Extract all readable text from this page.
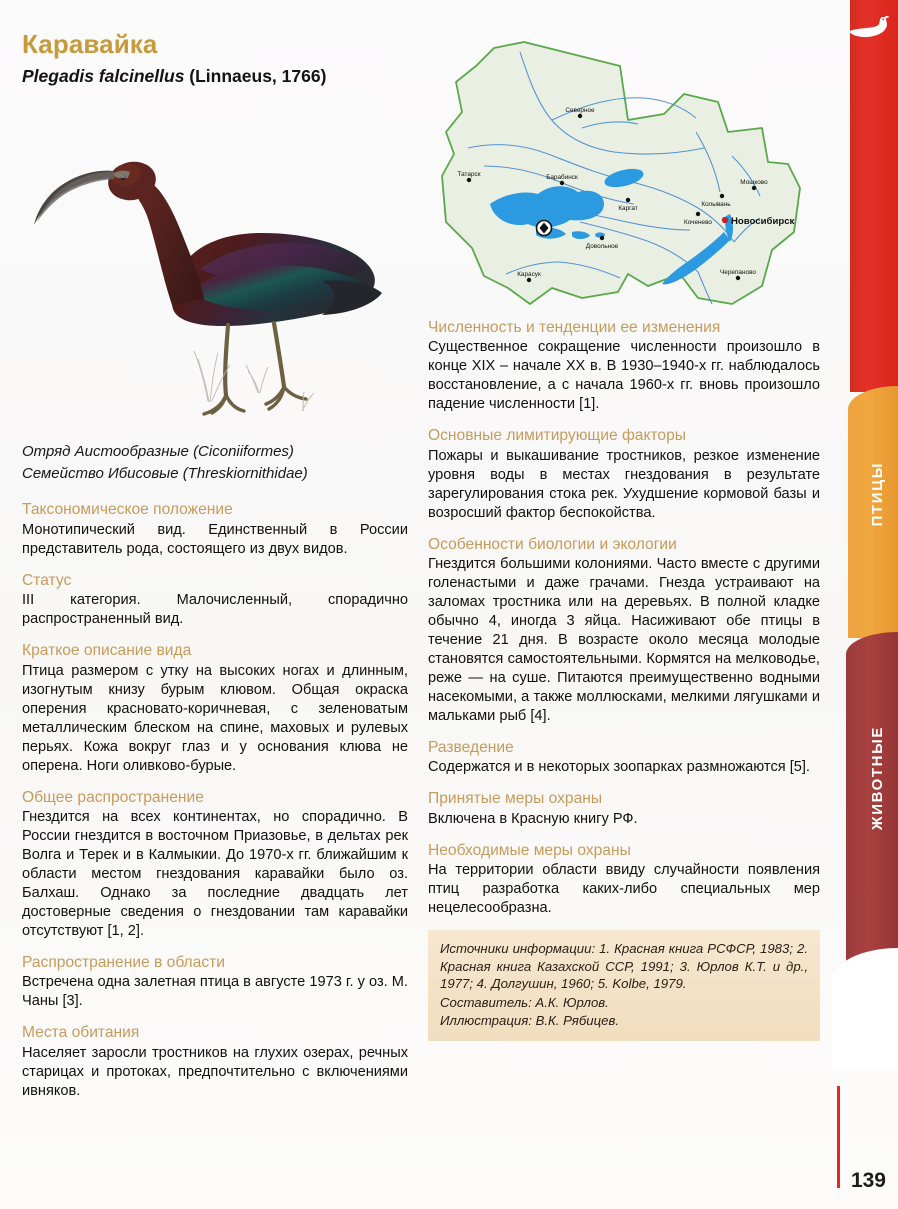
Каравайка
Plegadis falcinellus (Linnaeus, 1766)
Отряд Аистообразные (Ciconiiformes)
Семейство Ибисовые (Threskiornithidae)
Таксономическое положение

Монотипический вид. Единственный в России представитель рода, состоящего из двух видов.

Статус

III категория. Малочисленный, спорадично распространенный вид.

Краткое описание вида

Птица размером с утку на высоких ногах и длинным, изогнутым книзу бурым клювом. Общая окраска оперения красновато-коричневая, с зеленоватым металлическим блеском на спине, маховых и рулевых перьях. Кожа вокруг глаз и у основания клюва не оперена. Ноги оливково-бурые.

Общее распространение

Гнездится на всех континентах, но спорадично. В России гнездится в восточном Приазовье, в дельтах рек Волга и Терек и в Калмыкии. До 1970-х гг. ближайшим к области местом гнездования каравайки было оз. Балхаш. Однако за последние двадцать лет достоверные сведения о гнездовании там каравайки отсутствуют [1, 2].

Распространение в области

Встречена одна залетная птица в августе 1973 г. у оз. М. Чаны [3].

Места обитания

Населяет заросли тростников на глухих озерах, речных старицах и протоках, предпочтительно с включениями ивняков.

Северное
Татарск	Барабинск
Каргат
Мошково
Колывань
Коченево
Довольное
Карасук	Черепаново
Новосибирск
Численность и тенденции ее изменения

Существенное сокращение численности произошло в конце XIX – начале XX в. В 1930–1940-х гг. наблюдалось восстановление, а с начала 1960-х гг. вновь произошло падение численности [1].

Основные лимитирующие факторы

Пожары и выкашивание тростников, резкое изменение уровня воды в местах гнездования в результате зарегулирования стока рек. Ухудшение кормовой базы и возросший фактор беспокойства.

Особенности биологии и экологии

Гнездится большими колониями. Часто вместе с другими голенастыми и даже грачами. Гнезда устраивают на заломах тростника или на деревьях. В полной кладке обычно 4, иногда 3 яйца. Насиживают обе птицы в течение 21 дня. В возрасте около месяца молодые становятся самостоятельными. Кормятся на мелководье, реже — на суше. Питаются преимущественно водными насекомыми, а также моллюсками, мелкими лягушками и мальками рыб [4].

Разведение

Содержатся и в некоторых зоопарках размножаются [5].

Принятые меры охраны

Включена в Красную книгу РФ.

Необходимые меры охраны

На территории области ввиду случайности появления птиц разработка каких-либо специальных мер нецелесообразна.

Источники информации: 1. Красная книга РСФСР, 1983; 2. Красная книга Казахской ССР, 1991; 3. Юрлов К.Т. и др., 1977; 4. Долгушин, 1960; 5. Kolbe, 1979.

Составитель: А.К. Юрлов.

Иллюстрация: В.К. Рябицев.

ПТИЦЫ
ЖИВОТНЫЕ
139
